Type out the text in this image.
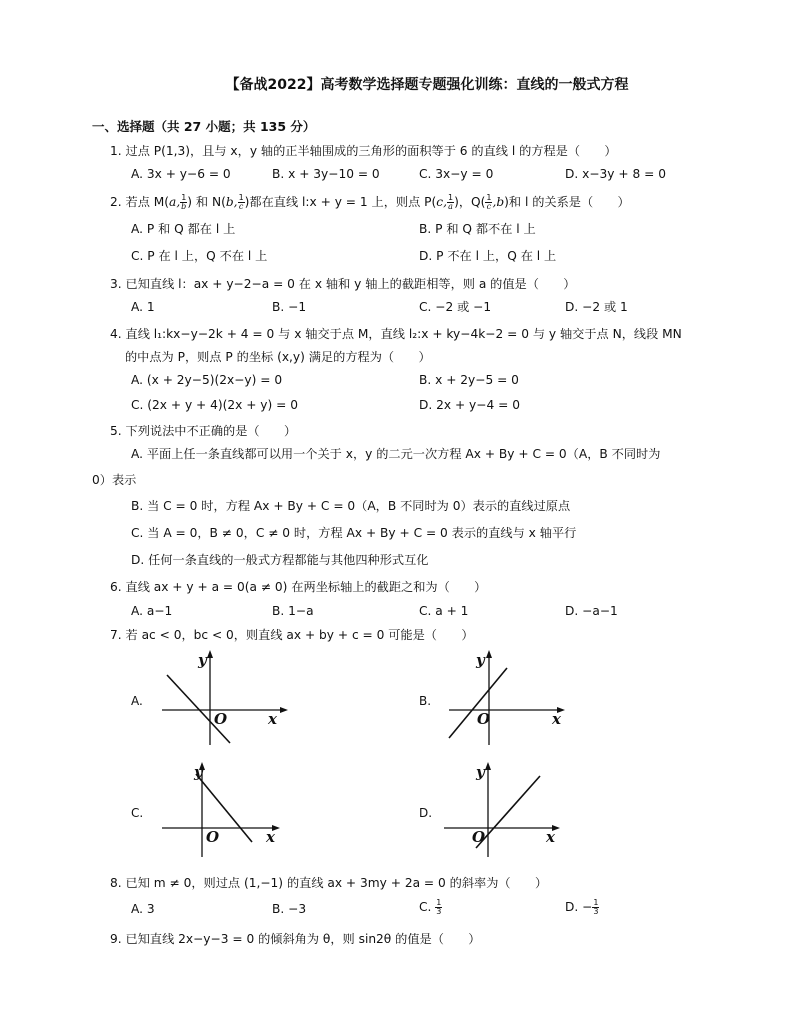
【备战2022】高考数学选择题专题强化训练：直线的一般式方程
一、选择题（共 27 小题；共 135 分）
1. 过点 P(1,3)，且与 x，y 轴的正半轴围成的三角形的面积等于 6 的直线 l 的方程是（　　）
A. 3x + y−6 = 0	B. x + 3y−10 = 0	C. 3x−y = 0	D. x−3y + 8 = 0
2. 若点 M(a, $\frac{1}{b}$ ) 和 N(b, $\frac{1}{c}$ )都在直线 l:x + y = 1 上，则点 P(c, $\frac{1}{a}$ )，$Q( \frac{1}{c} ,b)$和 l 的关系是（　　）
A. P 和 Q 都在 l 上	B. P 和 Q 都不在 l 上
C. P 在 l 上，Q 不在 l 上	D. P 不在 l 上，Q 在 l 上
3. 已知直线 l：ax + y−2−a = 0 在 x 轴和 y 轴上的截距相等，则 a 的值是（　　）
A. 1	B. −1	C. −2 或 −1	D. −2 或 1
4. 直线 l₁:kx−y−2k + 4 = 0 与 x 轴交于点 M，直线 l₂:x + ky−4k−2 = 0 与 y 轴交于点 N，线段 MN
的中点为 P，则点 P 的坐标 (x,y) 满足的方程为（　　）
A. (x + 2y−5)(2x−y) = 0	B. x + 2y−5 = 0
C. (2x + y + 4)(2x + y) = 0	D. 2x + y−4 = 0
5. 下列说法中不正确的是（　　）
A. 平面上任一条直线都可以用一个关于 x，y 的二元一次方程 Ax + By + C = 0（A，B 不同时为
0）表示
B. 当 C = 0 时，方程 Ax + By + C = 0（A，B 不同时为 0）表示的直线过原点
C. 当 A = 0，B ≠ 0，C ≠ 0 时，方程 Ax + By + C = 0 表示的直线与 x 轴平行
D. 任何一条直线的一般式方程都能与其他四种形式互化
6. 直线 ax + y + a = 0(a ≠ 0) 在两坐标轴上的截距之和为（　　）
A. a−1	B. 1−a	C. a + 1	D. −a−1
7. 若 ac < 0，bc < 0，则直线 ax + by + c = 0 可能是（　　）
A.	B.
C.	D.
x
y
O	x
y
O
x
y
O	x
y
O
8. 已知 m ≠ 0，则过点 (1,−1) 的直线 ax + 3my + 2a = 0 的斜率为（　　）
A. 3	B. −3	C. $\frac{1}{3}$	D. − $\frac{1}{3}$
9. 已知直线 2x−y−3 = 0 的倾斜角为 θ，则 sin2θ 的值是（　　）
